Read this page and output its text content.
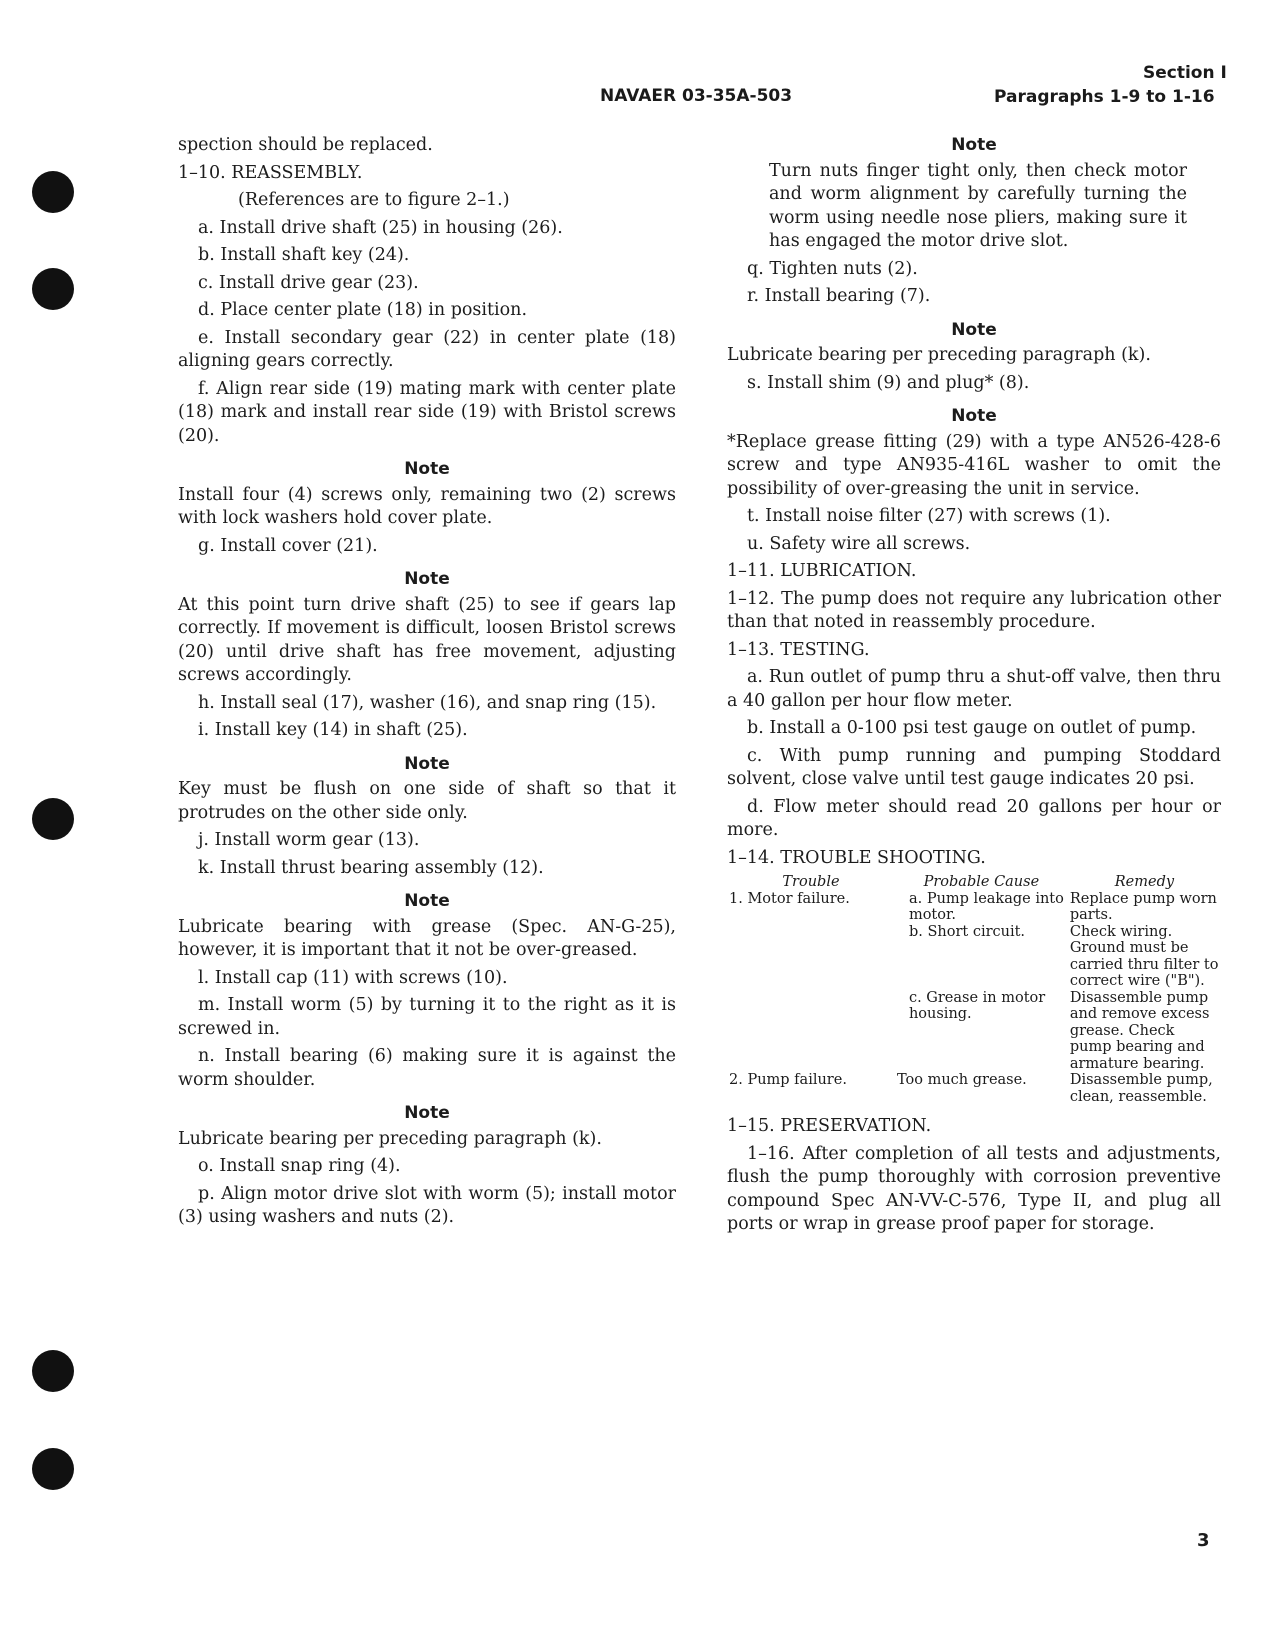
NAVAER 03-35A-503
Section I
Paragraphs 1-9 to 1-16

spection should be replaced.

1–10. REASSEMBLY.

(References are to figure 2–1.)

a. Install drive shaft (25) in housing (26).

b. Install shaft key (24).

c. Install drive gear (23).

d. Place center plate (18) in position.

e. Install secondary gear (22) in center plate (18) aligning gears correctly.

f. Align rear side (19) mating mark with center plate (18) mark and install rear side (19) with Bristol screws (20).

Note

Install four (4) screws only, remaining two (2) screws with lock washers hold cover plate.

g. Install cover (21).

Note

At this point turn drive shaft (25) to see if gears lap correctly. If movement is difficult, loosen Bristol screws (20) until drive shaft has free movement, adjusting screws accordingly.

h. Install seal (17), washer (16), and snap ring (15).

i. Install key (14) in shaft (25).

Note

Key must be flush on one side of shaft so that it protrudes on the other side only.

j. Install worm gear (13).

k. Install thrust bearing assembly (12).

Note

Lubricate bearing with grease (Spec. AN-G-25), however, it is important that it not be over-greased.

l. Install cap (11) with screws (10).

m. Install worm (5) by turning it to the right as it is screwed in.

n. Install bearing (6) making sure it is against the worm shoulder.

Note

Lubricate bearing per preceding paragraph (k).

o. Install snap ring (4).

p. Align motor drive slot with worm (5); install motor (3) using washers and nuts (2).

Note

Turn nuts finger tight only, then check motor and worm alignment by carefully turning the worm using needle nose pliers, making sure it has engaged the motor drive slot.

q. Tighten nuts (2).

r. Install bearing (7).

Note

Lubricate bearing per preceding paragraph (k).

s. Install shim (9) and plug* (8).

Note

*Replace grease fitting (29) with a type AN526-428-6 screw and type AN935-416L washer to omit the possibility of over-greasing the unit in service.

t. Install noise filter (27) with screws (1).

u. Safety wire all screws.

1–11. LUBRICATION.

1–12. The pump does not require any lubrication other than that noted in reassembly procedure.

1–13. TESTING.

a. Run outlet of pump thru a shut-off valve, then thru a 40 gallon per hour flow meter.

b. Install a 0-100 psi test gauge on outlet of pump.

c. With pump running and pumping Stoddard solvent, close valve until test gauge indicates 20 psi.

d. Flow meter should read 20 gallons per hour or more.

1–14. TROUBLE SHOOTING.

Trouble	Probable Cause	Remedy
1. Motor failure.	a. Pump leakage into motor.	Replace pump worn parts.
	b. Short circuit.	Check wiring. Ground must be carried thru filter to correct wire ("B").
	c. Grease in motor housing.	Disassemble pump and remove excess grease. Check pump bearing and armature bearing.
2. Pump failure.	Too much grease.	Disassemble pump, clean, reassemble.

1–15. PRESERVATION.

1–16. After completion of all tests and adjustments, flush the pump thoroughly with corrosion preventive compound Spec AN-VV-C-576, Type II, and plug all ports or wrap in grease proof paper for storage.

3
